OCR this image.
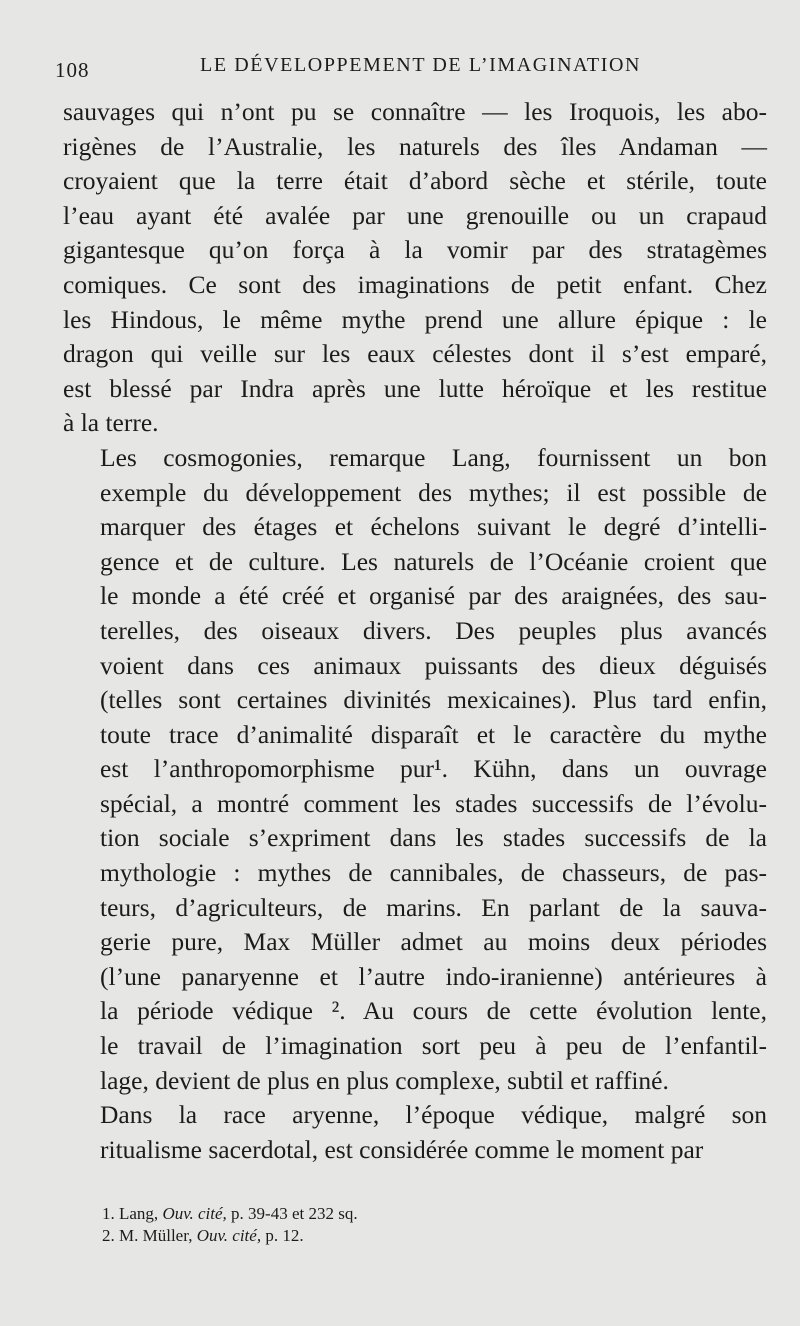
108	LE DÉVELOPPEMENT DE L’IMAGINATION

sauvages qui n’ont pu se connaître — les Iroquois, les abo-
rigènes de l’Australie, les naturels des îles Andaman —
croyaient que la terre était d’abord sèche et stérile, toute
l’eau ayant été avalée par une grenouille ou un crapaud
gigantesque qu’on força à la vomir par des stratagèmes
comiques. Ce sont des imaginations de petit enfant. Chez
les Hindous, le même mythe prend une allure épique : le
dragon qui veille sur les eaux célestes dont il s’est emparé,
est blessé par Indra après une lutte héroïque et les restitue
à la terre.

Les cosmogonies, remarque Lang, fournissent un bon
exemple du développement des mythes; il est possible de
marquer des étages et échelons suivant le degré d’intelli-
gence et de culture. Les naturels de l’Océanie croient que
le monde a été créé et organisé par des araignées, des sau-
terelles, des oiseaux divers. Des peuples plus avancés
voient dans ces animaux puissants des dieux déguisés
(telles sont certaines divinités mexicaines). Plus tard enfin,
toute trace d’animalité disparaît et le caractère du mythe
est l’anthropomorphisme pur¹. Kühn, dans un ouvrage
spécial, a montré comment les stades successifs de l’évolu-
tion sociale s’expriment dans les stades successifs de la
mythologie : mythes de cannibales, de chasseurs, de pas-
teurs, d’agriculteurs, de marins. En parlant de la sauva-
gerie pure, Max Müller admet au moins deux périodes
(l’une panaryenne et l’autre indo-iranienne) antérieures à
la période védique ². Au cours de cette évolution lente,
le travail de l’imagination sort peu à peu de l’enfantil-
lage, devient de plus en plus complexe, subtil et raffiné.

Dans la race aryenne, l’époque védique, malgré son
ritualisme sacerdotal, est considérée comme le moment par

1. Lang, Ouv. cité, p. 39-43 et 232 sq.
2. M. Müller, Ouv. cité, p. 12.
